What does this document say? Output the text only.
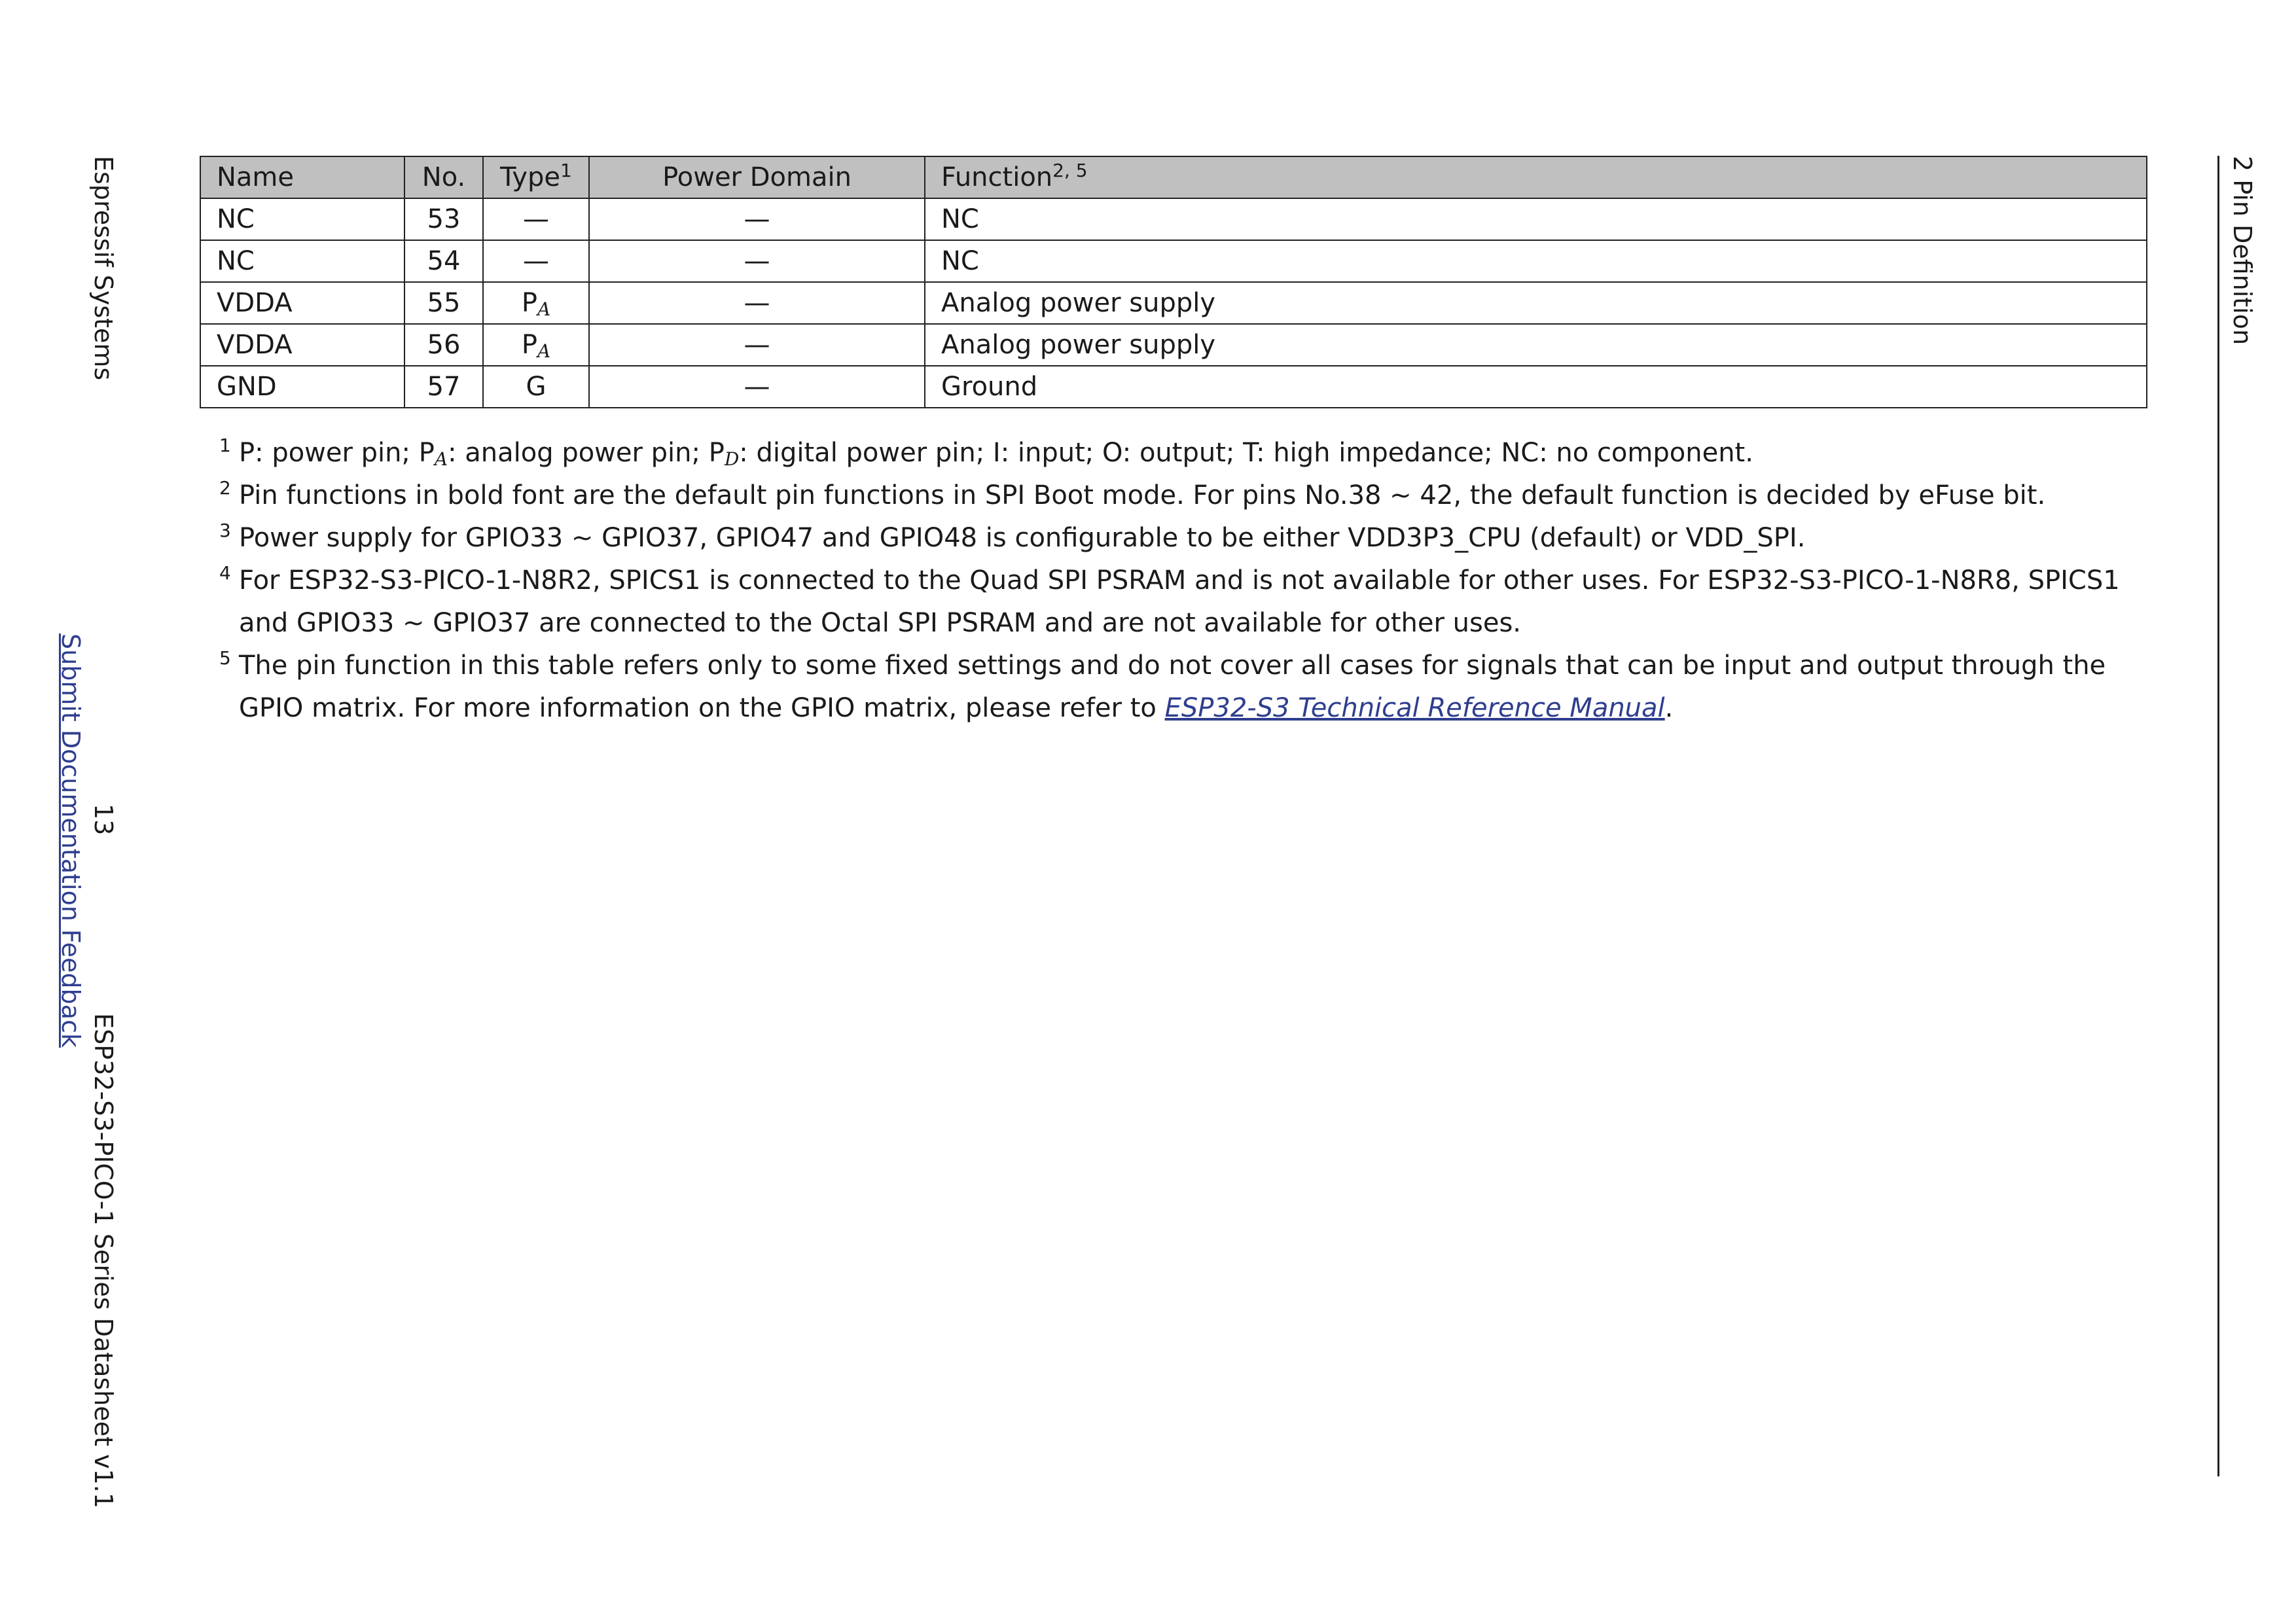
Espressif Systems
13
ESP32-S3-PICO-1 Series Datasheet v1.1
Submit Documentation Feedback
2 Pin Definition
Name	No.	Type$^1$	Power Domain	Function$^{2, 5}$
NC	53	—	—	NC
NC	54	—	—	NC
VDDA	55	$P_A$	—	Analog power supply
VDDA	56	$P_A$	—	Analog power supply
GND	57	G	—	Ground
1 P: power pin; $P_A$: analog power pin; $P_D$: digital power pin; I: input; O: output; T: high impedance; NC: no component.
2 Pin functions in bold font are the default pin functions in SPI Boot mode. For pins No.38 ∼ 42, the default function is decided by eFuse bit.
3 Power supply for GPIO33 ∼ GPIO37, GPIO47 and GPIO48 is configurable to be either VDD3P3_CPU (default) or VDD_SPI.
4 For ESP32-S3-PICO-1-N8R2, SPICS1 is connected to the Quad SPI PSRAM and is not available for other uses. For ESP32-S3-PICO-1-N8R8, SPICS1 and GPIO33 ∼ GPIO37 are connected to the Octal SPI PSRAM and are not available for other uses.
5 The pin function in this table refers only to some fixed settings and do not cover all cases for signals that can be input and output through the GPIO matrix. For more information on the GPIO matrix, please refer to ESP32-S3 Technical Reference Manual.
